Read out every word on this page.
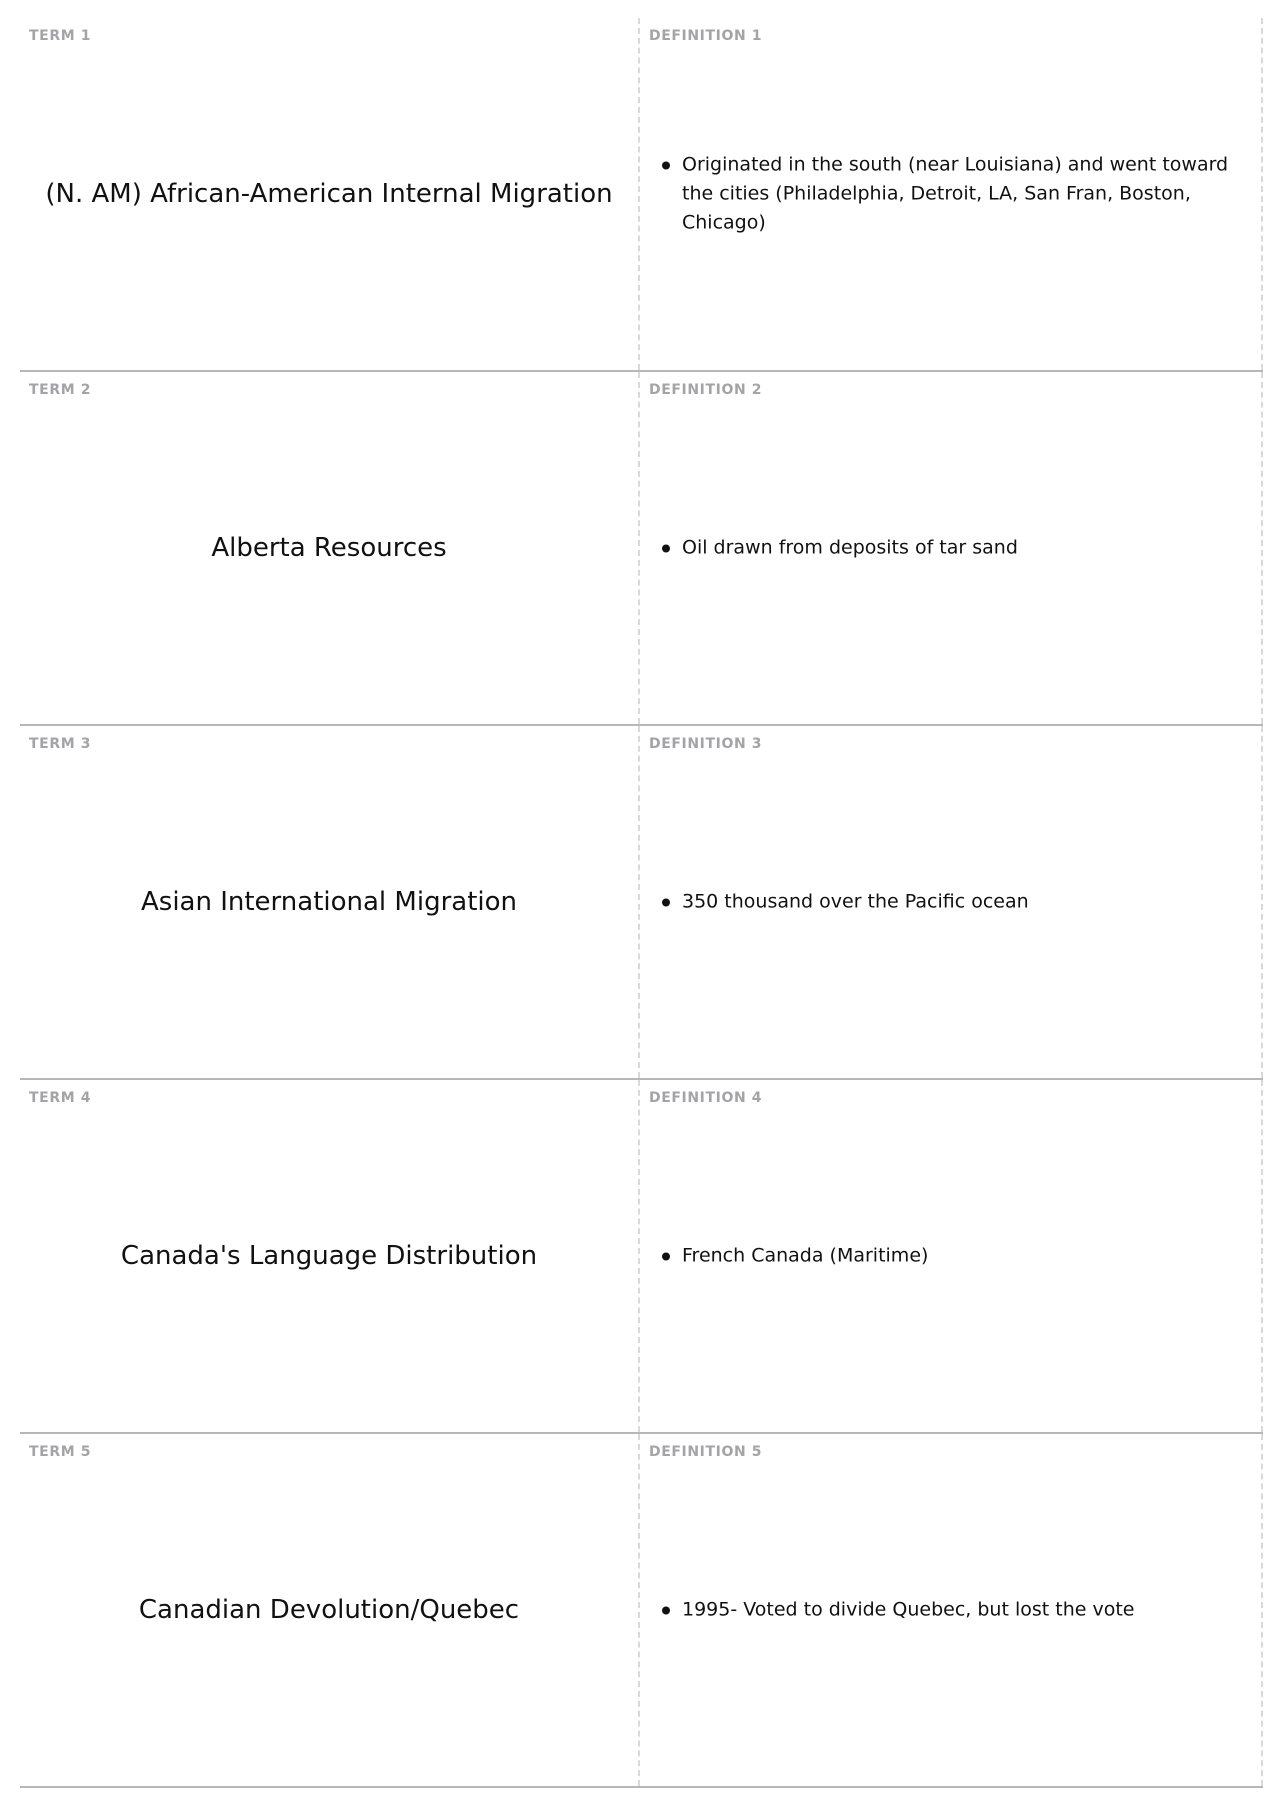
TERM 1
(N. AM) African-American Internal Migration
DEFINITION 1
Originated in the south (near Louisiana) and went toward the cities (Philadelphia, Detroit, LA, San Fran, Boston, Chicago)
TERM 2
Alberta Resources
DEFINITION 2
Oil drawn from deposits of tar sand
TERM 3
Asian International Migration
DEFINITION 3
350 thousand over the Pacific ocean
TERM 4
Canada's Language Distribution
DEFINITION 4
French Canada (Maritime)
TERM 5
Canadian Devolution/Quebec
DEFINITION 5
1995- Voted to divide Quebec, but lost the vote
